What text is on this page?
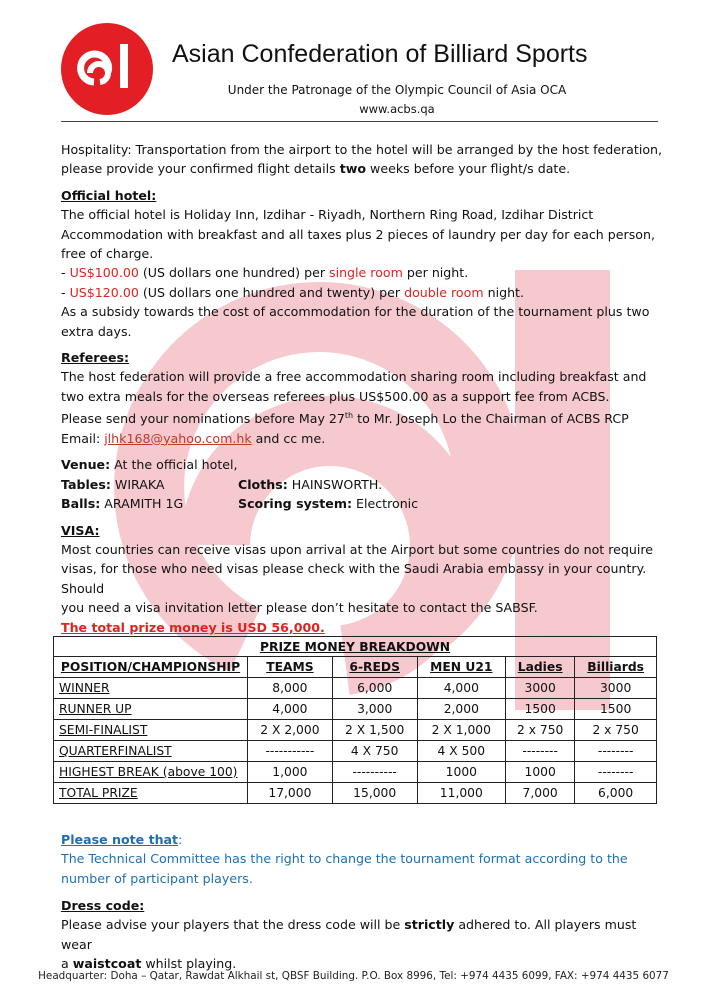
Asian Confederation of Billiard Sports
Under the Patronage of the Olympic Council of Asia OCA
www.acbs.qa

Hospitality: Transportation from the airport to the hotel will be arranged by the host federation,

please provide your confirmed flight details two weeks before your flight/s date.

Official hotel:

The official hotel is Holiday Inn, Izdihar - Riyadh, Northern Ring Road, Izdihar District

Accommodation with breakfast and all taxes plus 2 pieces of laundry per day for each person,

free of charge.

- US$100.00 (US dollars one hundred) per single room per night.

- US$120.00 (US dollars one hundred and twenty) per double room night.

As a subsidy towards the cost of accommodation for the duration of the tournament plus two

extra days.

Referees:

The host federation will provide a free accommodation sharing room including breakfast and

two extra meals for the overseas referees plus US$500.00 as a support fee from ACBS.

Please send your nominations before May 27th to Mr. Joseph Lo the Chairman of ACBS RCP

Email: jlhk168@yahoo.com.hk and cc me.

Venue: At the official hotel,

Tables: WIRAKA	Cloths: HAINSWORTH.
Balls: ARAMITH 1G	Scoring system: Electronic

VISA:

Most countries can receive visas upon arrival at the Airport but some countries do not require

visas, for those who need visas please check with the Saudi Arabia embassy in your country. Should

you need a visa invitation letter please don’t hesitate to contact the SABSF.

The total prize money is USD 56,000.

PRIZE MONEY BREAKDOWN					
POSITION/CHAMPIONSHIP	TEAMS	6-REDS	MEN U21	Ladies	Billiards
WINNER	8,000	6,000	4,000	3000	3000
RUNNER UP	4,000	3,000	2,000	1500	1500
SEMI-FINALIST	2 X 2,000	2 X 1,500	2 X 1,000	2 x 750	2 x 750
QUARTERFINALIST	-----------	4 X 750	4 X 500	--------	--------
HIGHEST BREAK (above 100)	1,000	----------	1000	1000	--------
TOTAL PRIZE	17,000	15,000	11,000	7,000	6,000

Please note that:

The Technical Committee has the right to change the tournament format according to the

number of participant players.

Dress code:

Please advise your players that the dress code will be strictly adhered to. All players must wear

a waistcoat whilst playing.

Headquarter: Doha – Qatar, Rawdat Alkhail st, QBSF Building. P.O. Box 8996, Tel: +974 4435 6099, FAX: +974 4435 6077
